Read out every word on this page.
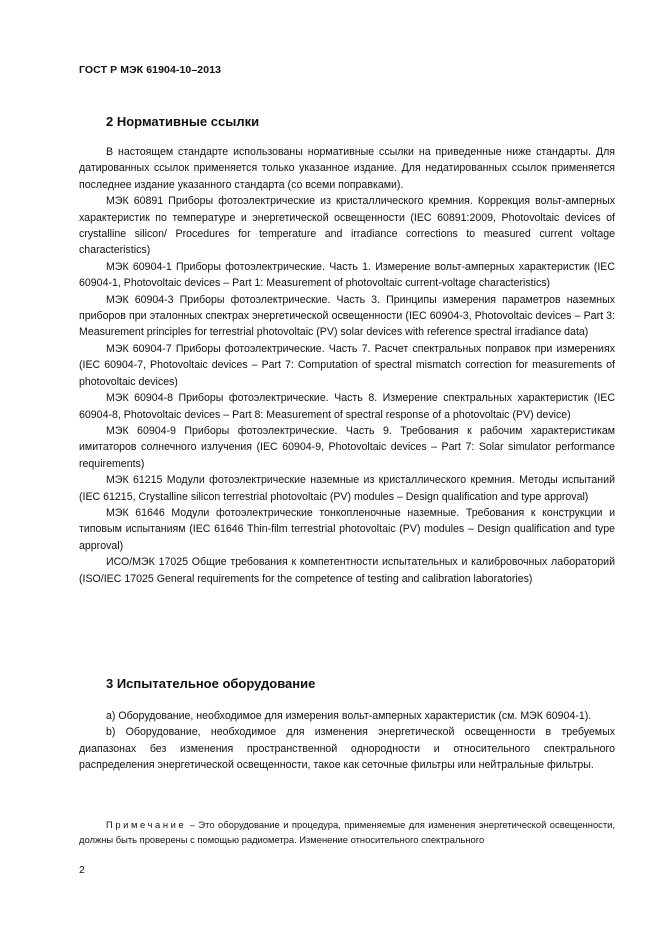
ГОСТ Р МЭК 61904-10–2013
2 Нормативные ссылки

В настоящем стандарте использованы нормативные ссылки на приведенные ниже стандарты. Для датированных ссылок применяется только указанное издание. Для недатированных ссылок применяется последнее издание указанного стандарта (со всеми поправками).

МЭК 60891 Приборы фотоэлектрические из кристаллического кремния. Коррекция вольт-амперных характеристик по температуре и энергетической освещенности (IEC 60891:2009, Photovoltaic devices of crystalline silicon/ Procedures for temperature and irradiance corrections to measured current voltage characteristics)

МЭК 60904-1 Приборы фотоэлектрические. Часть 1. Измерение вольт-амперных характеристик (IEC 60904-1, Photovoltaic devices – Part 1: Measurement of photovoltaic current-voltage characteristics)

МЭК 60904-3 Приборы фотоэлектрические. Часть 3. Принципы измерения параметров наземных приборов при эталонных спектрах энергетической освещенности (IEC 60904-3, Photovoltaic devices – Part 3: Measurement principles for terrestrial photovoltaic (PV) solar devices with reference spectral irradiance data)

МЭК 60904-7 Приборы фотоэлектрические. Часть 7. Расчет спектральных поправок при измерениях (IEC 60904-7, Photovoltaic devices – Part 7: Computation of spectral mismatch correction for measurements of photovoltaic devices)

МЭК 60904-8 Приборы фотоэлектрические. Часть 8. Измерение спектральных характеристик (IEC 60904-8, Photovoltaic devices – Part 8: Measurement of spectral response of a photovoltaic (PV) device)

МЭК 60904-9 Приборы фотоэлектрические. Часть 9. Требования к рабочим характеристикам имитаторов солнечного излучения (IEC 60904-9, Photovoltaic devices – Part 7: Solar simulator performance requirements)

МЭК 61215 Модули фотоэлектрические наземные из кристаллического кремния. Методы испытаний (IEC 61215, Crystalline silicon terrestrial photovoltaic (PV) modules – Design qualification and type approval)

МЭК 61646 Модули фотоэлектрические тонкопленочные наземные. Требования к конструкции и типовым испытаниям (IEC 61646 Thin-film terrestrial photovoltaic (PV) modules – Design qualification and type approval)

ИСО/МЭК 17025 Общие требования к компетентности испытательных и калибровочных лабораторий (ISO/IEC 17025 General requirements for the competence of testing and calibration laboratories)

3 Испытательное оборудование

а) Оборудование, необходимое для измерения вольт-амперных характеристик (см. МЭК 60904-1).

b) Оборудование, необходимое для изменения энергетической освещенности в требуемых диапазонах без изменения пространственной однородности и относительного спектрального распределения энергетической освещенности, такое как сеточные фильтры или нейтральные фильтры.

Примечание – Это оборудование и процедура, применяемые для изменения энергетической освещенности, должны быть проверены с помощью радиометра. Изменение относительного спектрального

2
